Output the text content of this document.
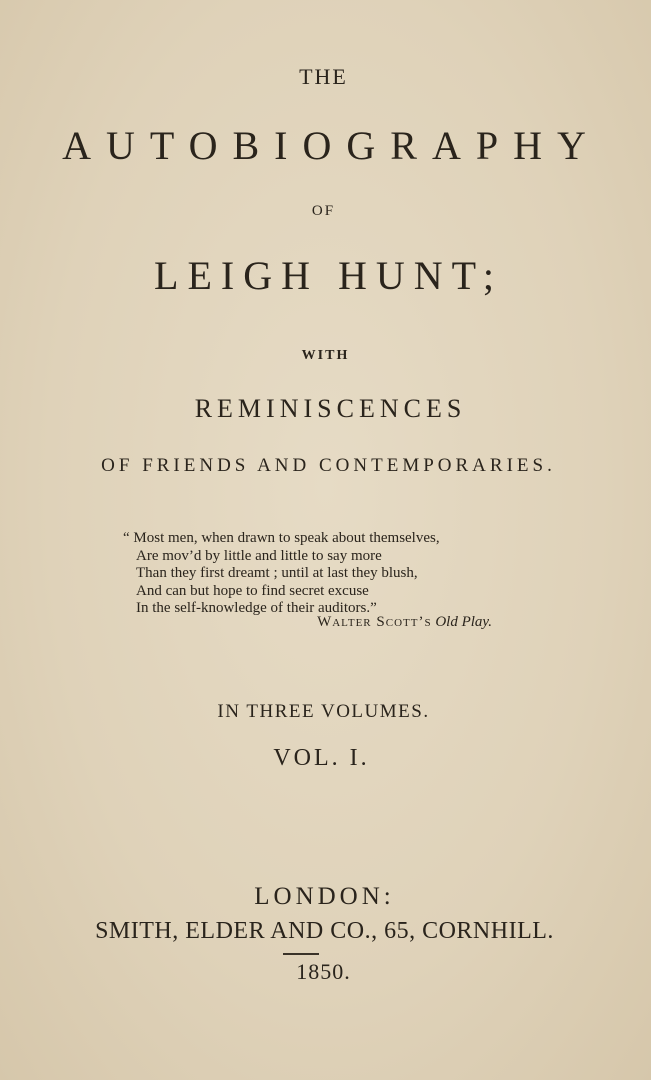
THE

AUTOBIOGRAPHY

OF

LEIGH HUNT;

WITH

REMINISCENCES

OF FRIENDS AND CONTEMPORARIES.

“ Most men, when drawn to speak about themselves,
Are mov’d by little and little to say more
Than they first dreamt ; until at last they blush,
And can but hope to find secret excuse
In the self-knowledge of their auditors.”
Walter Scott’s Old Play.

IN THREE VOLUMES.

VOL. I.

LONDON:

SMITH, ELDER AND CO., 65, CORNHILL.

1850.
